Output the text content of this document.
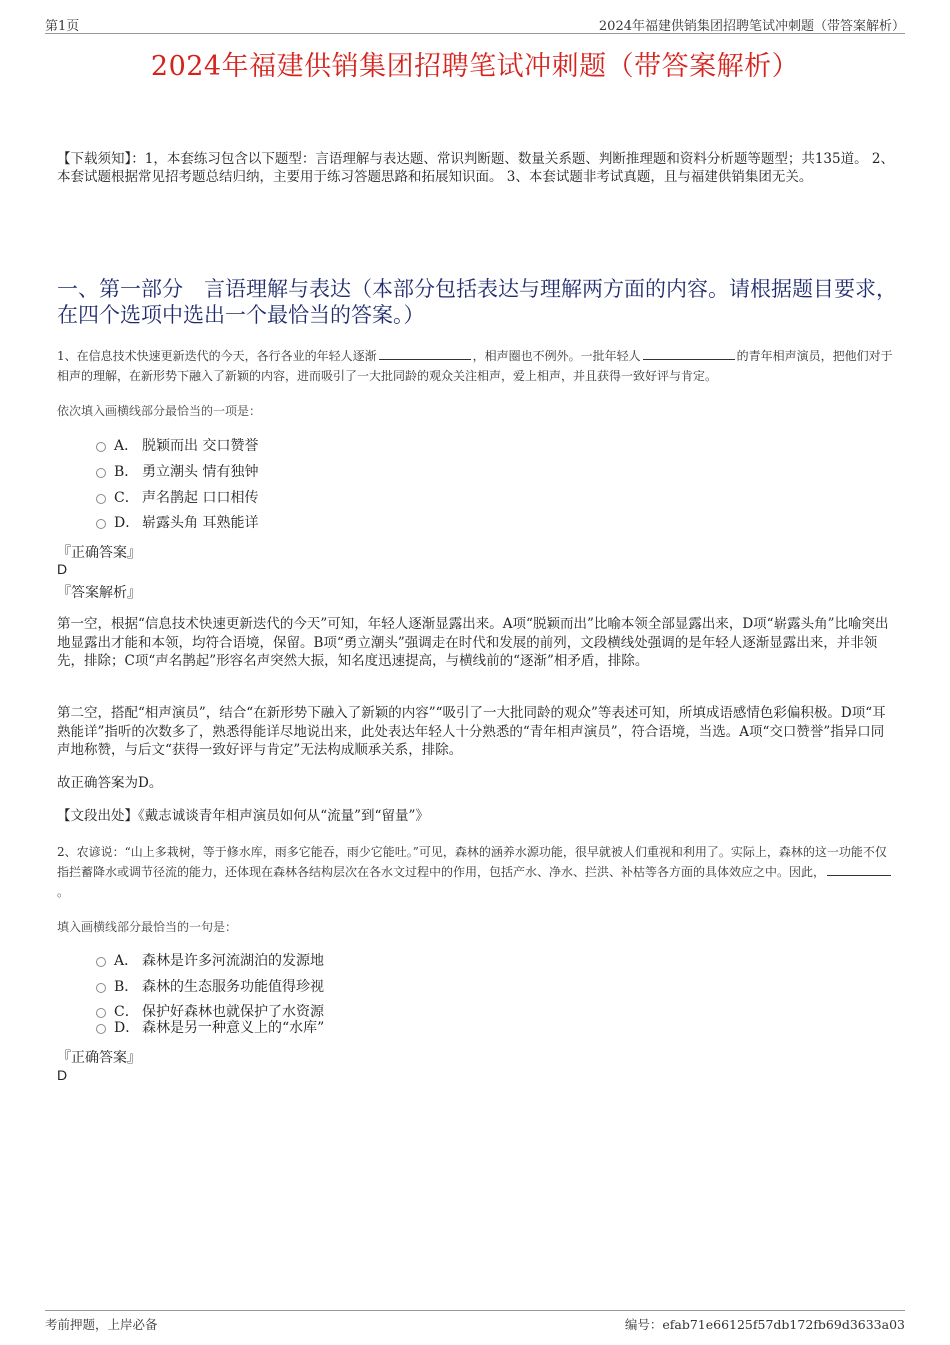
第1页	2024年福建供销集团招聘笔试冲刺题（带答案解析）
2024年福建供销集团招聘笔试冲刺题（带答案解析）

【下载须知】：1，本套练习包含以下题型：言语理解与表达题、常识判断题、数量关系题、判断推理题和资料分析题等题型；共135道。 2、本套试题根据常见招考题总结归纳，主要用于练习答题思路和拓展知识面。 3、本套试题非考试真题，且与福建供销集团无关。

一、第一部分　言语理解与表达（本部分包括表达与理解两方面的内容。请根据题目要求，在四个选项中选出一个最恰当的答案。）

1、在信息技术快速更新迭代的今天，各行各业的年轻人逐渐	，相声圈也不例外。一批年轻人	的青年相声演员，把他们对于相声的理解，在新形势下融入了新颖的内容，进而吸引了一大批同龄的观众关注相声，爱上相声，并且获得一致好评与肯定。

依次填入画横线部分最恰当的一项是：
A． 脱颖而出 交口赞誉
B． 勇立潮头 情有独钟
C． 声名鹊起 口口相传
D． 崭露头角 耳熟能详
『正确答案』
D
『答案解析』

第一空，根据“信息技术快速更新迭代的今天”可知，年轻人逐渐显露出来。A项“脱颖而出”比喻本领全部显露出来，D项“崭露头角”比喻突出地显露出才能和本领，均符合语境，保留。B项“勇立潮头”强调走在时代和发展的前列，文段横线处强调的是年轻人逐渐显露出来，并非领先，排除；C项“声名鹊起”形容名声突然大振，知名度迅速提高，与横线前的“逐渐”相矛盾，排除。

第二空，搭配“相声演员”，结合“在新形势下融入了新颖的内容”“吸引了一大批同龄的观众”等表述可知，所填成语感情色彩偏积极。D项“耳熟能详”指听的次数多了，熟悉得能详尽地说出来，此处表达年轻人十分熟悉的“青年相声演员”，符合语境，当选。A项“交口赞誉”指异口同声地称赞，与后文“获得一致好评与肯定”无法构成顺承关系，排除。

故正确答案为D。

【文段出处】《戴志诚谈青年相声演员如何从“流量”到“留量”》

2、农谚说：“山上多栽树，等于修水库，雨多它能吞，雨少它能吐。”可见，森林的涵养水源功能，很早就被人们重视和利用了。实际上，森林的这一功能不仅指拦蓄降水或调节径流的能力，还体现在森林各结构层次在各水文过程中的作用，包括产水、净水、拦洪、补枯等各方面的具体效应之中。因此，。

填入画横线部分最恰当的一句是：
A． 森林是许多河流湖泊的发源地
B． 森林的生态服务功能值得珍视
C． 保护好森林也就保护了水资源
D． 森林是另一种意义上的“水库”
『正确答案』
D
考前押题，上岸必备	编号：efab71e66125f57db172fb69d3633a03
